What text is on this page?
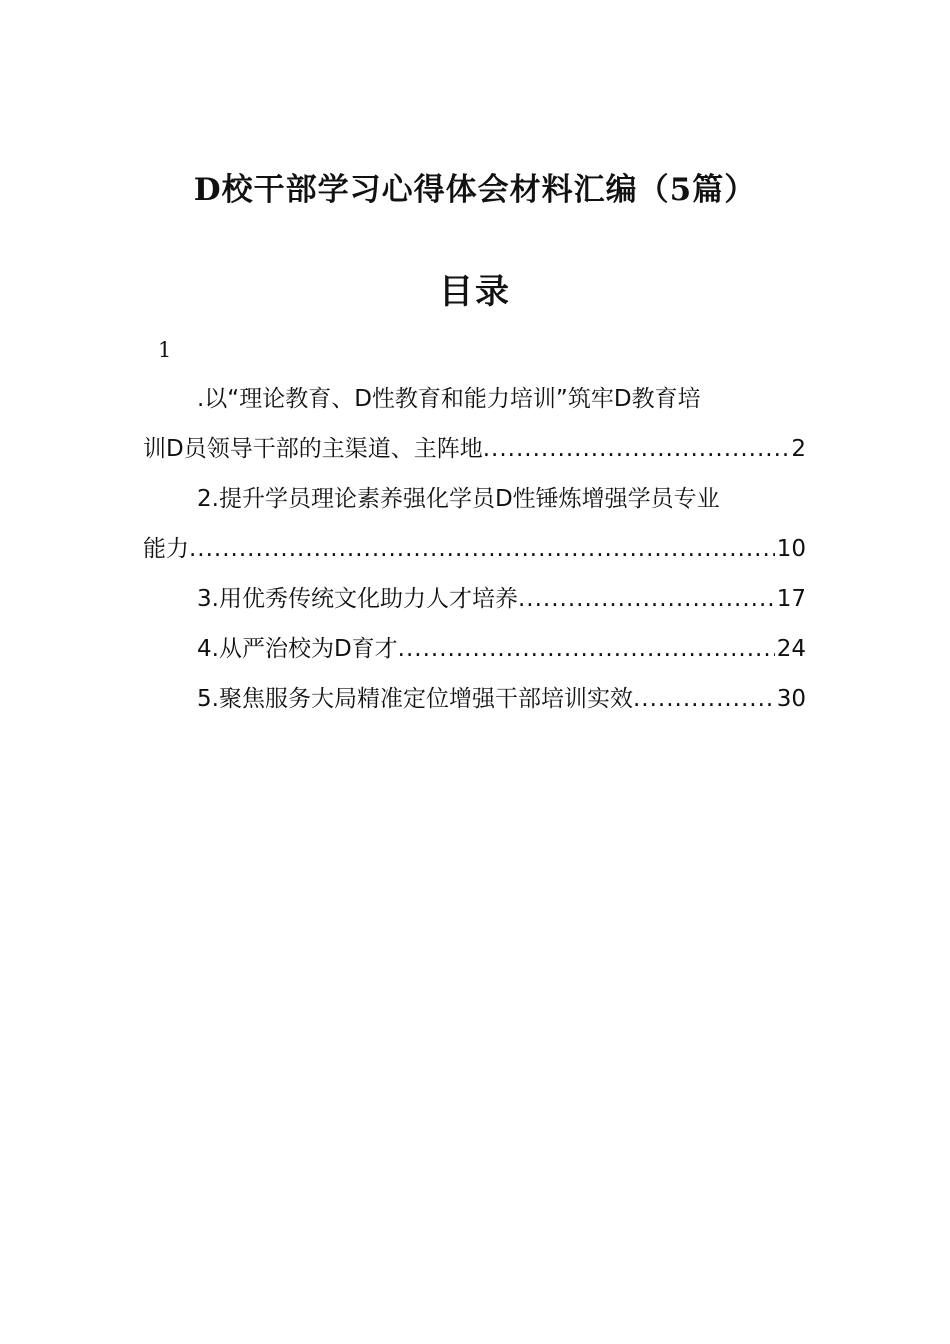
D校干部学习心得体会材料汇编（5篇）
目录
1
.以“理论教育、D性教育和能力培训”筑牢D教育培
训D员领导干部的主渠道、主阵地 .....	2
2.提升学员理论素养强化学员D性锤炼增强学员专业
能力 .....	10
3.用优秀传统文化助力人才培养 .....	17
4.从严治校为D育才 .....	24
5.聚焦服务大局精准定位增强干部培训实效 .....	30
